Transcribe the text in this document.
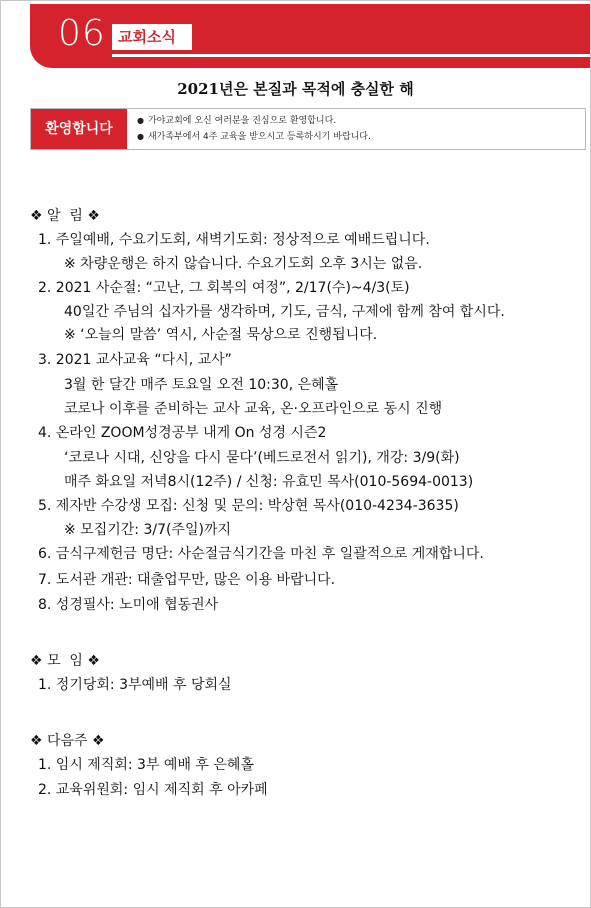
06 교회소식
2021년은 본질과 목적에 충실한 해
환영합니다
● 가야교회에 오신 여러분을 진심으로 환영합니다.
● 새가족부에서 4주 교육을 받으시고 등록하시기 바랍니다.
❖ 알  림 ❖
1. 주일예배, 수요기도회, 새벽기도회: 정상적으로 예배드립니다.
※ 차량운행은 하지 않습니다. 수요기도회 오후 3시는 없음.
2. 2021 사순절: “고난, 그 회복의 여정”, 2/17(수)~4/3(토)
40일간 주님의 십자가를 생각하며, 기도, 금식, 구제에 함께 참여 합시다.
※ ‘오늘의 말씀’ 역시, 사순절 묵상으로 진행됩니다.
3. 2021 교사교육 “다시, 교사”
3월 한 달간 매주 토요일 오전 10:30, 은혜홀
코로나 이후를 준비하는 교사 교육, 온·오프라인으로 동시 진행
4. 온라인 ZOOM성경공부 내게 On 성경 시즌2
‘코로나 시대, 신앙을 다시 묻다’(베드로전서 읽기), 개강: 3/9(화)
매주 화요일 저녁8시(12주) / 신청: 유효민 목사(010-5694-0013)
5. 제자반 수강생 모집: 신청 및 문의: 박상현 목사(010-4234-3635)
※ 모집기간: 3/7(주일)까지
6. 금식구제헌금 명단: 사순절금식기간을 마친 후 일괄적으로 게재합니다.
7. 도서관 개관: 대출업무만, 많은 이용 바랍니다.
8. 성경필사: 노미애 협동권사
❖ 모  임 ❖
1. 정기당회: 3부예배 후 당회실
❖ 다음주 ❖
1. 임시 제직회: 3부 예배 후 은혜홀
2. 교육위원회: 임시 제직회 후 아카페
